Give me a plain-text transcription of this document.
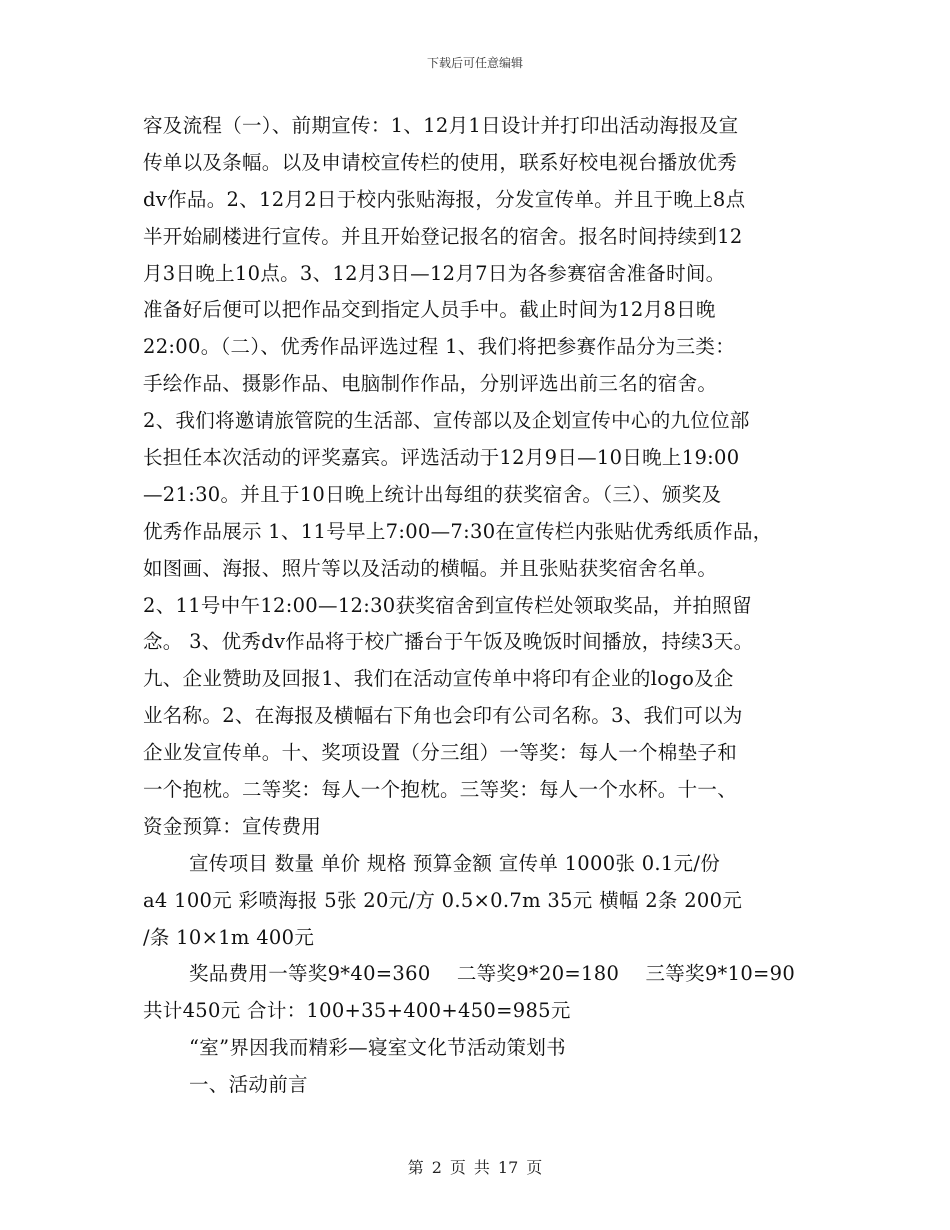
下载后可任意编辑
容及流程（一）、前期宣传：1、12月1日设计并打印出活动海报及宣
传单以及条幅。以及申请校宣传栏的使用，联系好校电视台播放优秀
dv作品。2、12月2日于校内张贴海报，分发宣传单。并且于晚上8点
半开始刷楼进行宣传。并且开始登记报名的宿舍。报名时间持续到12
月3日晚上10点。3、12月3日—12月7日为各参赛宿舍准备时间。
准备好后便可以把作品交到指定人员手中。截止时间为12月8日晚
22:00。（二）、优秀作品评选过程 1、我们将把参赛作品分为三类：
手绘作品、摄影作品、电脑制作作品，分别评选出前三名的宿舍。
2、我们将邀请旅管院的生活部、宣传部以及企划宣传中心的九位位部
长担任本次活动的评奖嘉宾。评选活动于12月9日—10日晚上19:00
—21:30。并且于10日晚上统计出每组的获奖宿舍。（三）、颁奖及
优秀作品展示 1、11号早上7:00—7:30在宣传栏内张贴优秀纸质作品，
如图画、海报、照片等以及活动的横幅。并且张贴获奖宿舍名单。
2、11号中午12:00—12:30获奖宿舍到宣传栏处领取奖品，并拍照留
念。 3、优秀dv作品将于校广播台于午饭及晚饭时间播放，持续3天。
九、企业赞助及回报1、我们在活动宣传单中将印有企业的logo及企
业名称。2、在海报及横幅右下角也会印有公司名称。3、我们可以为
企业发宣传单。十、奖项设置（分三组）一等奖：每人一个棉垫子和
一个抱枕。二等奖：每人一个抱枕。三等奖：每人一个水杯。十一、
资金预算：宣传费用
宣传项目 数量 单价 规格 预算金额 宣传单 1000张 0.1元/份
a4 100元 彩喷海报 5张 20元/方 0.5×0.7m 35元 横幅 2条 200元
/条 10×1m 400元
奖品费用一等奖9*40=360　 二等奖9*20=180　 三等奖9*10=90
共计450元 合计：100+35+400+450=985元
“室”界因我而精彩—寝室文化节活动策划书
一、活动前言
第 2 页 共 17 页
